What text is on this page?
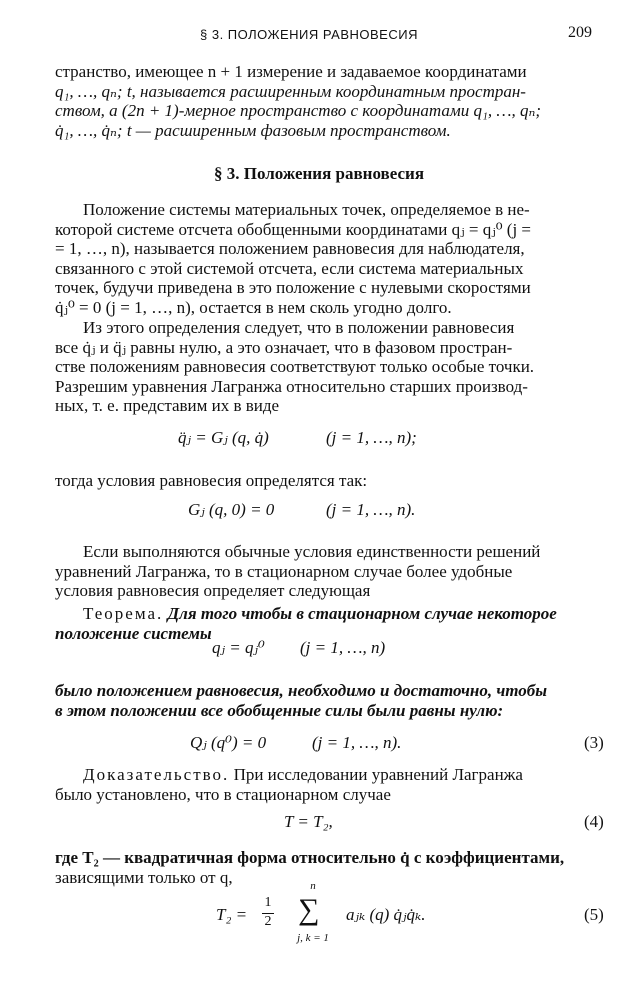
§ 3. ПОЛОЖЕНИЯ РАВНОВЕСИЯ	209
странство, имеющее n + 1 измерение и задаваемое координатами
q₁, …, qₙ; t, называется расширенным координатным простран-
ством, а (2n + 1)-мерное пространство с координатами q₁, …, qₙ;
q̇₁, …, q̇ₙ; t — расширенным фазовым пространством.
§ 3. Положения равновесия
Положение системы материальных точек, определяемое в не-
которой системе отсчета обобщенными координатами qⱼ = qⱼ⁰ (j =
= 1, …, n), называется положением равновесия для наблюдателя,
связанного с этой системой отсчета, если система материальных
точек, будучи приведена в это положение с нулевыми скоростями
q̇ⱼ⁰ = 0 (j = 1, …, n), остается в нем сколь угодно долго.
Из этого определения следует, что в положении равновесия
все q̇ⱼ и q̈ⱼ равны нулю, а это означает, что в фазовом простран-
стве положениям равновесия соответствуют только особые точки.
Разрешим уравнения Лагранжа относительно старших производ-
ных, т. е. представим их в виде
q̈ⱼ = Gⱼ (q, q̇)	(j = 1, …, n);
тогда условия равновесия определятся так:
Gⱼ (q, 0) = 0	(j = 1, …, n).
Если выполняются обычные условия единственности решений
уравнений Лагранжа, то в стационарном случае более удобные
условия равновесия определяет следующая
Теорема. Для того чтобы в стационарном случае некоторое
положение системы
qⱼ = qⱼ⁰ (j = 1, …, n)
было положением равновесия, необходимо и достаточно, чтобы
в этом положении все обобщенные силы были равны нулю:
Qⱼ (q⁰) = 0	(j = 1, …, n).	(3)
Доказательство. При исследовании уравнений Лагранжа
было установлено, что в стационарном случае
T = T₂,	(4)
где T₂ — квадратичная форма относительно q̇ с коэффициентами,
зависящими только от q,
T₂ =
1
2
n
∑
j, k = 1
aⱼₖ (q) q̇ⱼq̇ₖ.	(5)
